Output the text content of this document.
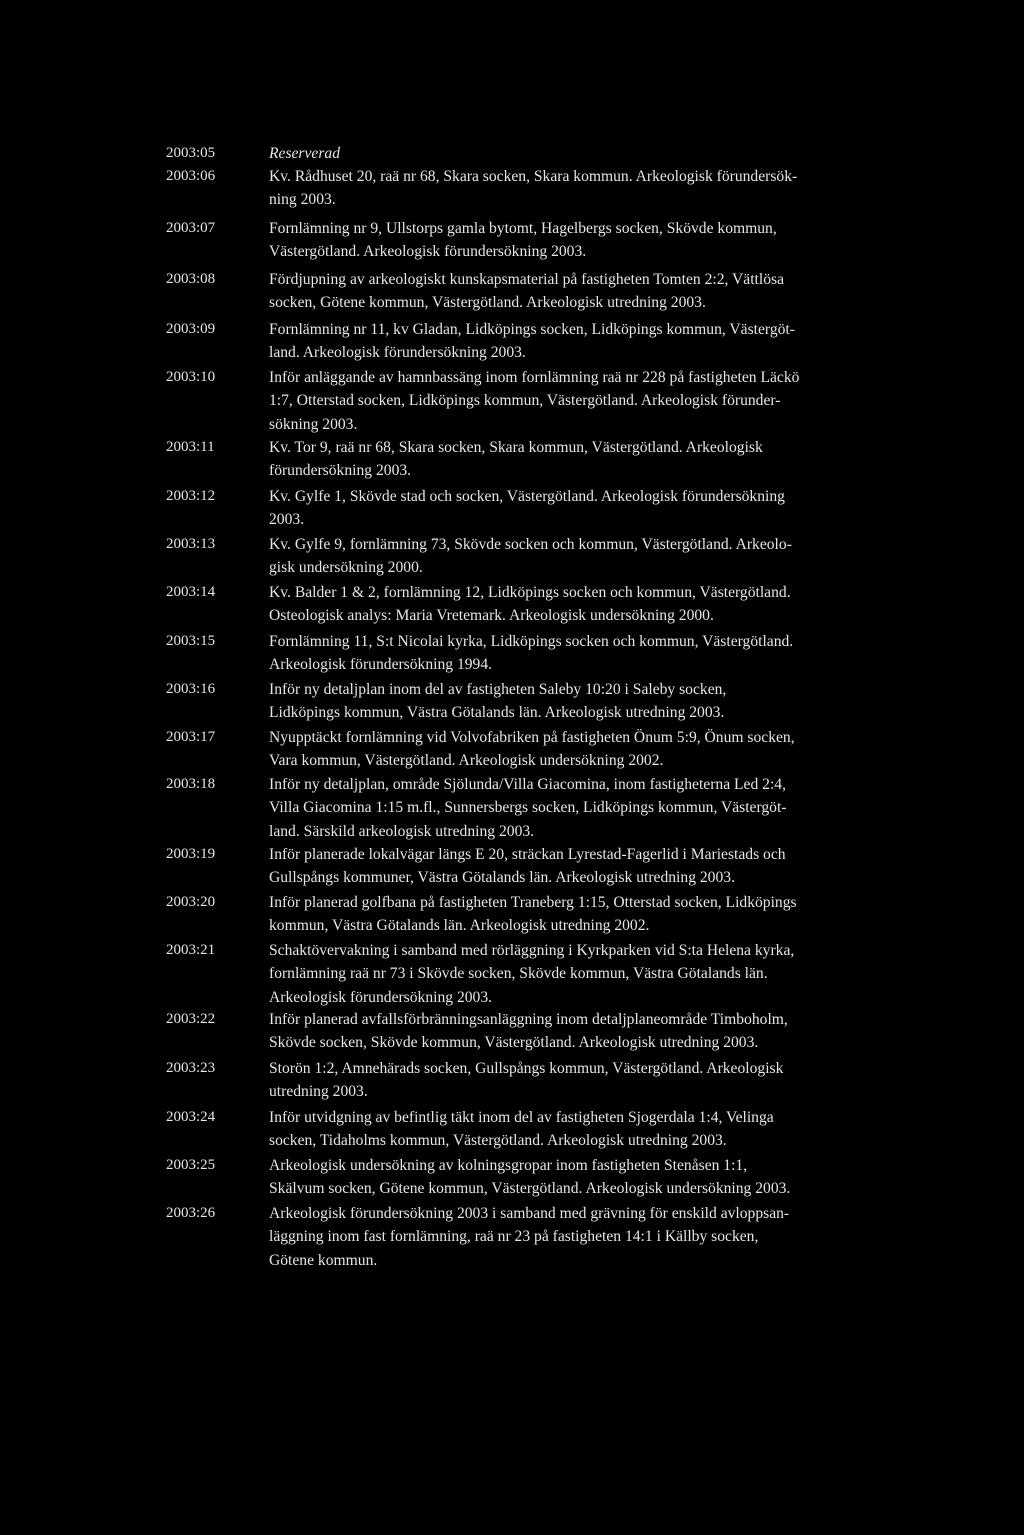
2003:05	Reserverad
2003:06	Kv. Rådhuset 20, raä nr 68, Skara socken, Skara kommun. Arkeologisk förundersök-
ning 2003.
2003:07	Fornlämning nr 9, Ullstorps gamla bytomt, Hagelbergs socken, Skövde kommun,
Västergötland. Arkeologisk förundersökning 2003.
2003:08	Fördjupning av arkeologiskt kunskapsmaterial på fastigheten Tomten 2:2, Vättlösa
socken, Götene kommun, Västergötland. Arkeologisk utredning 2003.
2003:09	Fornlämning nr 11, kv Gladan, Lidköpings socken, Lidköpings kommun, Västergöt-
land. Arkeologisk förundersökning 2003.
2003:10	Inför anläggande av hamnbassäng inom fornlämning raä nr 228 på fastigheten Läckö
1:7, Otterstad socken, Lidköpings kommun, Västergötland. Arkeologisk förunder-
sökning 2003.
2003:11	Kv. Tor 9, raä nr 68, Skara socken, Skara kommun, Västergötland. Arkeologisk
förundersökning 2003.
2003:12	Kv. Gylfe 1, Skövde stad och socken, Västergötland. Arkeologisk förundersökning
2003.
2003:13	Kv. Gylfe 9, fornlämning 73, Skövde socken och kommun, Västergötland. Arkeolo-
gisk undersökning 2000.
2003:14	Kv. Balder 1 & 2, fornlämning 12, Lidköpings socken och kommun, Västergötland.
Osteologisk analys: Maria Vretemark. Arkeologisk undersökning 2000.
2003:15	Fornlämning 11, S:t Nicolai kyrka, Lidköpings socken och kommun, Västergötland.
Arkeologisk förundersökning 1994.
2003:16	Inför ny detaljplan inom del av fastigheten Saleby 10:20 i Saleby socken,
Lidköpings kommun, Västra Götalands län. Arkeologisk utredning 2003.
2003:17	Nyupptäckt fornlämning vid Volvofabriken på fastigheten Önum 5:9, Önum socken,
Vara kommun, Västergötland. Arkeologisk undersökning 2002.
2003:18	Inför ny detaljplan, område Sjölunda/Villa Giacomina, inom fastigheterna Led 2:4,
Villa Giacomina 1:15 m.fl., Sunnersbergs socken, Lidköpings kommun, Västergöt-
land. Särskild arkeologisk utredning 2003.
2003:19	Inför planerade lokalvägar längs E 20, sträckan Lyrestad-Fagerlid i Mariestads och
Gullspångs kommuner, Västra Götalands län. Arkeologisk utredning 2003.
2003:20	Inför planerad golfbana på fastigheten Traneberg 1:15, Otterstad socken, Lidköpings
kommun, Västra Götalands län. Arkeologisk utredning 2002.
2003:21	Schaktövervakning i samband med rörläggning i Kyrkparken vid S:ta Helena kyrka,
fornlämning raä nr 73 i Skövde socken, Skövde kommun, Västra Götalands län.
Arkeologisk förundersökning 2003.
2003:22	Inför planerad avfallsförbränningsanläggning inom detaljplaneområde Timboholm,
Skövde socken, Skövde kommun, Västergötland. Arkeologisk utredning 2003.
2003:23	Storön 1:2, Amnehärads socken, Gullspångs kommun, Västergötland. Arkeologisk
utredning 2003.
2003:24	Inför utvidgning av befintlig täkt inom del av fastigheten Sjogerdala 1:4, Velinga
socken, Tidaholms kommun, Västergötland. Arkeologisk utredning 2003.
2003:25	Arkeologisk undersökning av kolningsgropar inom fastigheten Stenåsen 1:1,
Skälvum socken, Götene kommun, Västergötland. Arkeologisk undersökning 2003.
2003:26	Arkeologisk förundersökning 2003 i samband med grävning för enskild avloppsan-
läggning inom fast fornlämning, raä nr 23 på fastigheten 14:1 i Källby socken,
Götene kommun.
